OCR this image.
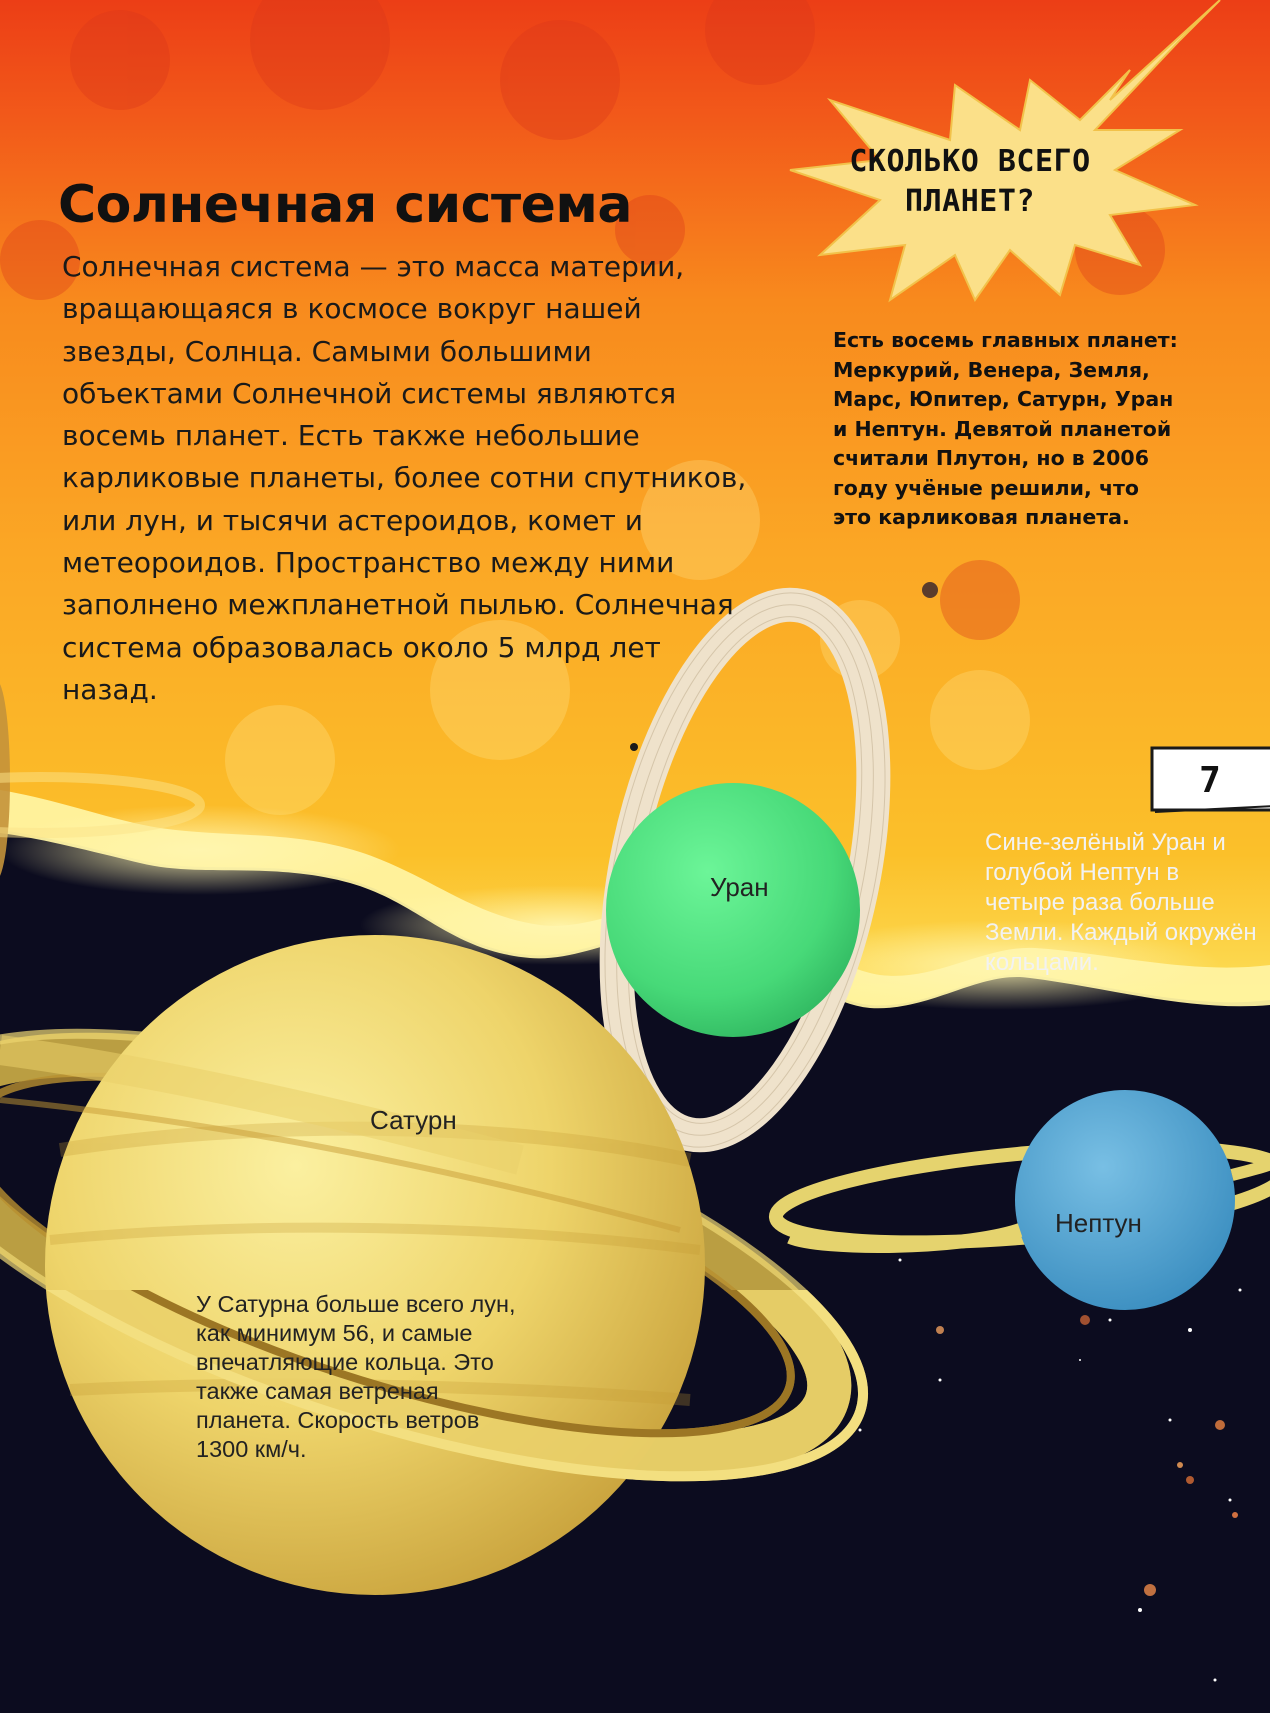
Солнечная система

Солнечная система — это масса материи, вращающаяся в космосе вокруг нашей звезды, Солнца. Самыми большими объектами Солнечной системы являются восемь планет. Есть также небольшие карликовые планеты, более сотни спутников, или лун, и тысячи астероидов, комет и метеороидов. Пространство между ними заполнено межпланетной пылью. Солнечная система образовалась около 5 млрд лет назад.

СКОЛЬКО ВСЕГО ПЛАНЕТ?

Есть восемь главных планет: Меркурий, Венера, Земля, Марс, Юпитер, Сатурн, Уран и Нептун. Девятой планетой считали Плутон, но в 2006 году учёные решили, что это карликовая планета.

7
Уран
Нептун
Сатурн

Сине-зелёный Уран и голубой Нептун в четыре раза больше Земли. Каждый окружён кольцами.

У Сатурна больше всего лун, как минимум 56, и самые впечатляющие кольца. Это также самая ветреная планета. Скорость ветров 1300 км/ч.
